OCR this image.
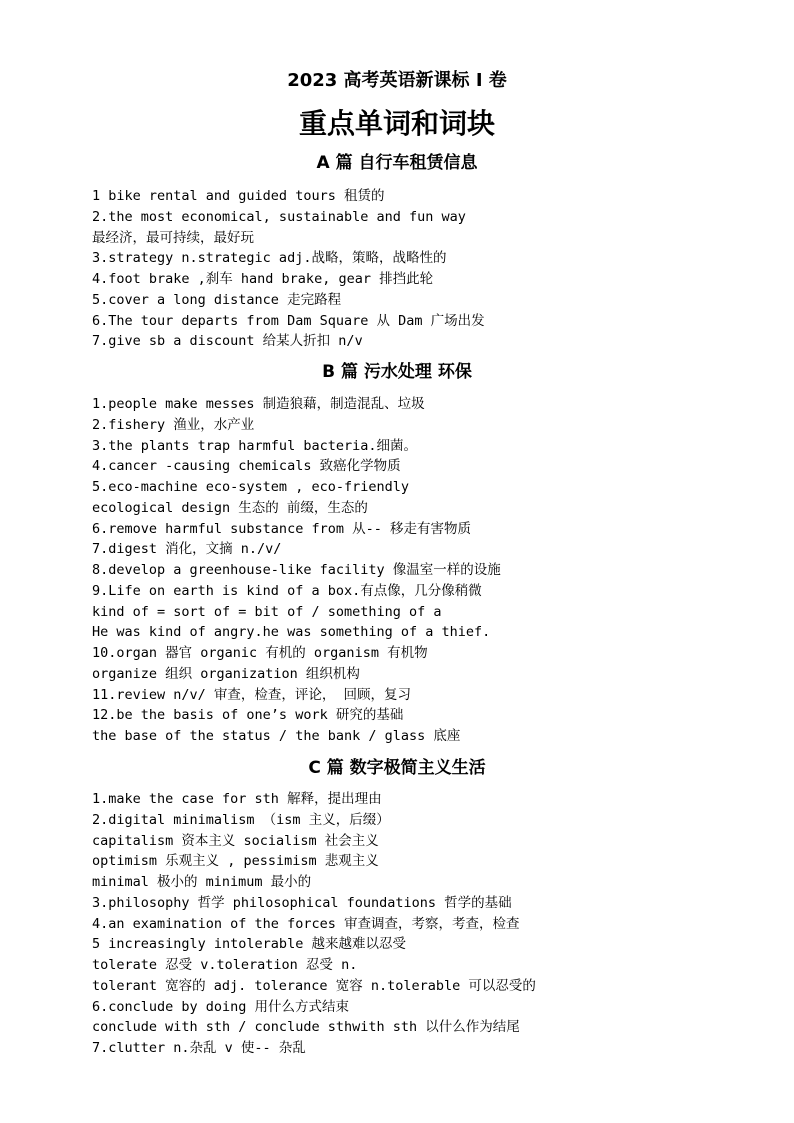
2023 高考英语新课标 I 卷
重点单词和词块
A 篇 自行车租赁信息
1 bike rental and guided tours 租赁的
2.the most economical, sustainable and fun way
最经济，最可持续，最好玩
3.strategy n.strategic adj.战略，策略，战略性的
4.foot brake ,刹车 hand brake, gear 排挡此轮
5.cover a long distance 走完路程
6.The tour departs from Dam Square 从 Dam 广场出发
7.give sb a discount 给某人折扣 n/v
B 篇 污水处理 环保
1.people make messes 制造狼藉，制造混乱、垃圾
2.fishery 渔业，水产业
3.the plants trap harmful bacteria.细菌。
4.cancer -causing chemicals 致癌化学物质
5.eco-machine eco-system , eco-friendly
ecological design 生态的 前缀，生态的
6.remove harmful substance from 从-- 移走有害物质
7.digest 消化，文摘 n./v/
8.develop a greenhouse-like facility 像温室一样的设施
9.Life on earth is kind of a box.有点像，几分像稍微
kind of = sort of = bit of / something of a
He was kind of angry.he was something of a thief.
10.organ 器官 organic 有机的 organism 有机物
organize 组织 organization 组织机构
11.review n/v/ 审查，检查，评论， 回顾，复习
12.be the basis of one’s work 研究的基础
the base of the status / the bank / glass 底座
C 篇 数字极简主义生活
1.make the case for sth 解释，提出理由
2.digital minimalism （ism 主义，后缀）
capitalism 资本主义 socialism 社会主义
optimism 乐观主义 , pessimism 悲观主义
minimal 极小的 minimum 最小的
3.philosophy 哲学 philosophical foundations 哲学的基础
4.an examination of the forces 审查调查，考察，考查，检查
5 increasingly intolerable 越来越难以忍受
tolerate 忍受 v.toleration 忍受 n.
tolerant 宽容的 adj. tolerance 宽容 n.tolerable 可以忍受的
6.conclude by doing 用什么方式结束
conclude with sth / conclude sthwith sth 以什么作为结尾
7.clutter n.杂乱 v 使-- 杂乱
